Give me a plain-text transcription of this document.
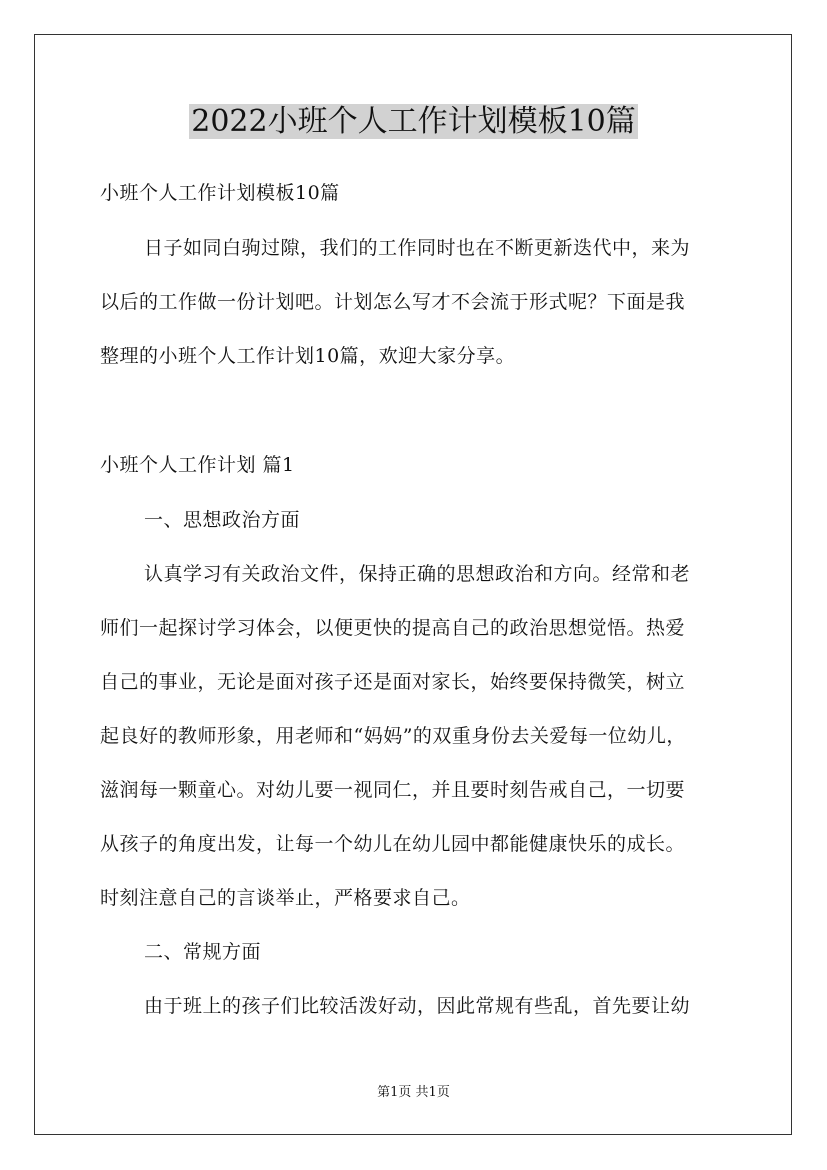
2022小班个人工作计划模板10篇
小班个人工作计划模板10篇
日子如同白驹过隙，我们的工作同时也在不断更新迭代中，来为
以后的工作做一份计划吧。计划怎么写才不会流于形式呢？下面是我
整理的小班个人工作计划10篇，欢迎大家分享。
小班个人工作计划 篇1
一、思想政治方面
认真学习有关政治文件，保持正确的思想政治和方向。经常和老
师们一起探讨学习体会，以便更快的提高自己的政治思想觉悟。热爱
自己的事业，无论是面对孩子还是面对家长，始终要保持微笑，树立
起良好的教师形象，用老师和“妈妈”的双重身份去关爱每一位幼儿，
滋润每一颗童心。对幼儿要一视同仁，并且要时刻告戒自己，一切要
从孩子的角度出发，让每一个幼儿在幼儿园中都能健康快乐的成长。
时刻注意自己的言谈举止，严格要求自己。
二、常规方面
由于班上的孩子们比较活泼好动，因此常规有些乱，首先要让幼
第1页 共1页
